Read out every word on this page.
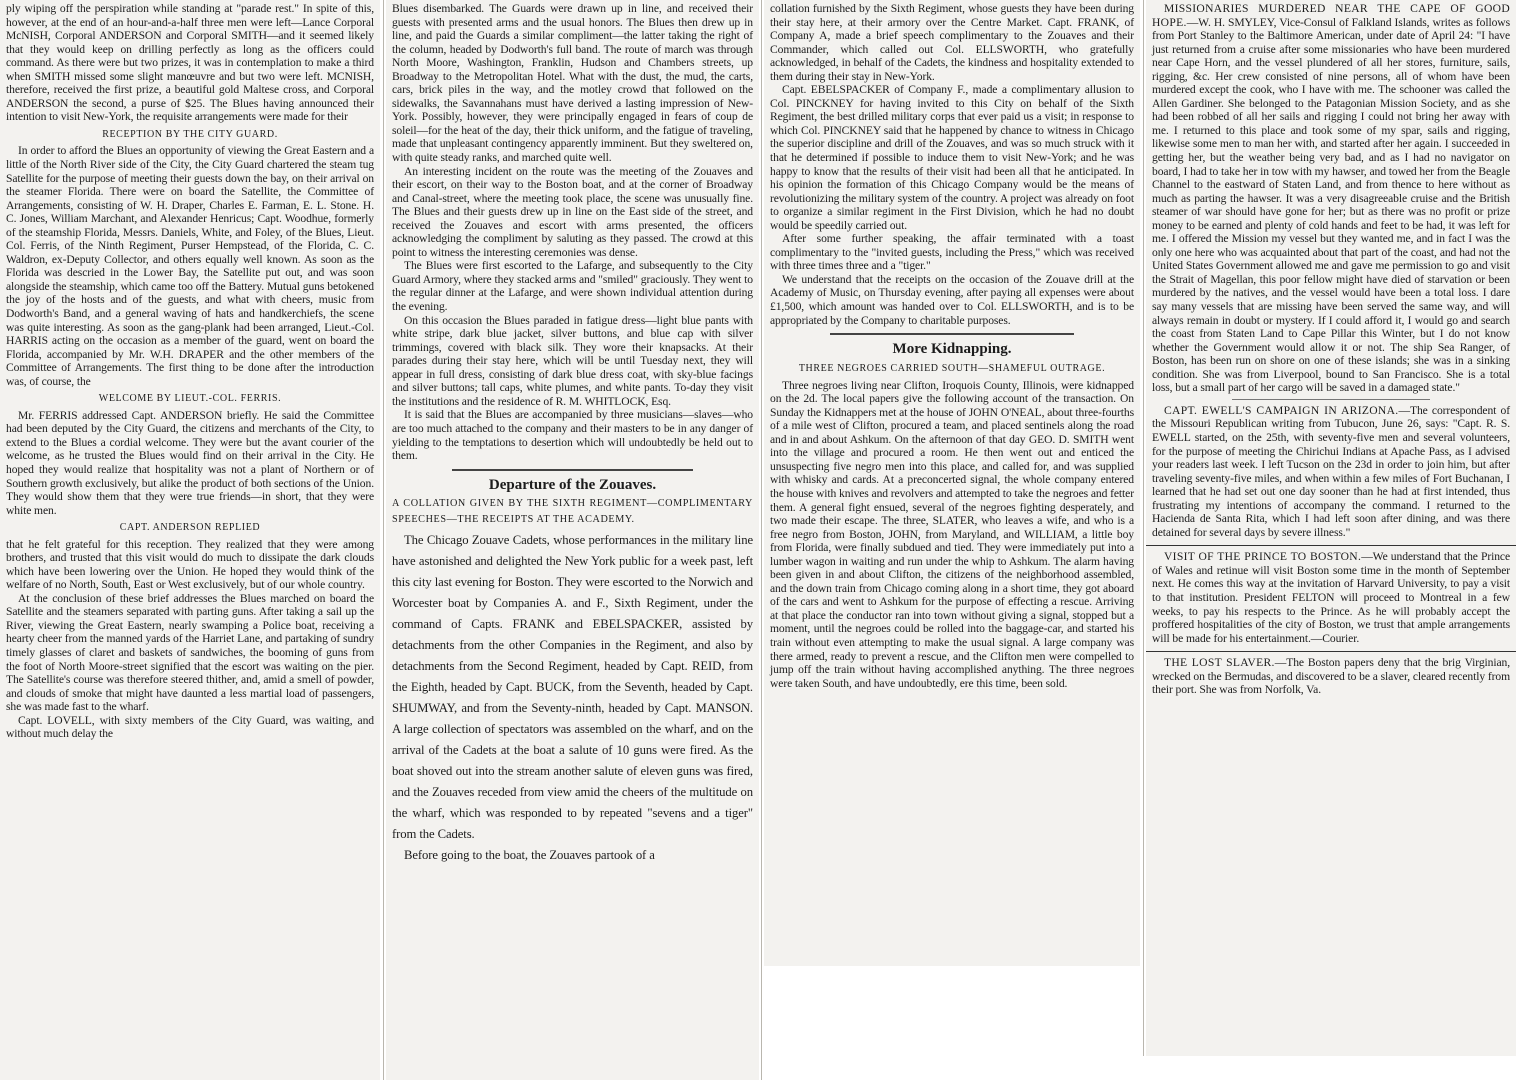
ply wiping off the perspiration while standing at "parade rest." In spite of this, however, at the end of an hour-and-a-half three men were left—Lance Corporal McNISH, Corporal ANDERSON and Corporal SMITH—and it seemed likely that they would keep on drilling perfectly as long as the officers could command. As there were but two prizes, it was in contemplation to make a third when SMITH missed some slight manœuvre and but two were left. MCNISH, therefore, received the first prize, a beautiful gold Maltese cross, and Corporal ANDERSON the second, a purse of $25. The Blues having announced their intention to visit New-York, the requisite arrangements were made for their

RECEPTION BY THE CITY GUARD.

In order to afford the Blues an opportunity of viewing the Great Eastern and a little of the North River side of the City, the City Guard chartered the steam tug Satellite for the purpose of meeting their guests down the bay, on their arrival on the steamer Florida. There were on board the Satellite, the Committee of Arrangements, consisting of W. H. Draper, Charles E. Farman, E. L. Stone. H. C. Jones, William Marchant, and Alexander Henricus; Capt. Woodhue, formerly of the steamship Florida, Messrs. Daniels, White, and Foley, of the Blues, Lieut. Col. Ferris, of the Ninth Regiment, Purser Hempstead, of the Florida, C. C. Waldron, ex-Deputy Collector, and others equally well known. As soon as the Florida was descried in the Lower Bay, the Satellite put out, and was soon alongside the steamship, which came too off the Battery. Mutual guns betokened the joy of the hosts and of the guests, and what with cheers, music from Dodworth's Band, and a general waving of hats and handkerchiefs, the scene was quite interesting. As soon as the gang-plank had been arranged, Lieut.-Col. HARRIS acting on the occasion as a member of the guard, went on board the Florida, accompanied by Mr. W.H. DRAPER and the other members of the Committee of Arrangements. The first thing to be done after the introduction was, of course, the

WELCOME BY LIEUT.-COL. FERRIS.

Mr. FERRIS addressed Capt. ANDERSON briefly. He said the Committee had been deputed by the City Guard, the citizens and merchants of the City, to extend to the Blues a cordial welcome. They were but the avant courier of the welcome, as he trusted the Blues would find on their arrival in the City. He hoped they would realize that hospitality was not a plant of Northern or of Southern growth exclusively, but alike the product of both sections of the Union. They would show them that they were true friends—in short, that they were white men.

CAPT. ANDERSON REPLIED

that he felt grateful for this reception. They realized that they were among brothers, and trusted that this visit would do much to dissipate the dark clouds which have been lowering over the Union. He hoped they would think of the welfare of no North, South, East or West exclusively, but of our whole country.

At the conclusion of these brief addresses the Blues marched on board the Satellite and the steamers separated with parting guns. After taking a sail up the River, viewing the Great Eastern, nearly swamping a Police boat, receiving a hearty cheer from the manned yards of the Harriet Lane, and partaking of sundry timely glasses of claret and baskets of sandwiches, the booming of guns from the foot of North Moore-street signified that the escort was waiting on the pier. The Satellite's course was therefore steered thither, and, amid a smell of powder, and clouds of smoke that might have daunted a less martial load of passengers, she was made fast to the wharf.

Capt. LOVELL, with sixty members of the City Guard, was waiting, and without much delay the

Blues disembarked. The Guards were drawn up in line, and received their guests with presented arms and the usual honors. The Blues then drew up in line, and paid the Guards a similar compliment—the latter taking the right of the column, headed by Dodworth's full band. The route of march was through North Moore, Washington, Franklin, Hudson and Chambers streets, up Broadway to the Metropolitan Hotel. What with the dust, the mud, the carts, cars, brick piles in the way, and the motley crowd that followed on the sidewalks, the Savannahans must have derived a lasting impression of New-York. Possibly, however, they were principally engaged in fears of coup de soleil—for the heat of the day, their thick uniform, and the fatigue of traveling, made that unpleasant contingency apparently imminent. But they sweltered on, with quite steady ranks, and marched quite well.

An interesting incident on the route was the meeting of the Zouaves and their escort, on their way to the Boston boat, and at the corner of Broadway and Canal-street, where the meeting took place, the scene was unusually fine. The Blues and their guests drew up in line on the East side of the street, and received the Zouaves and escort with arms presented, the officers acknowledging the compliment by saluting as they passed. The crowd at this point to witness the interesting ceremonies was dense.

The Blues were first escorted to the Lafarge, and subsequently to the City Guard Armory, where they stacked arms and "smiled" graciously. They went to the regular dinner at the Lafarge, and were shown individual attention during the evening.

On this occasion the Blues paraded in fatigue dress—light blue pants with white stripe, dark blue jacket, silver buttons, and blue cap with silver trimmings, covered with black silk. They wore their knapsacks. At their parades during their stay here, which will be until Tuesday next, they will appear in full dress, consisting of dark blue dress coat, with sky-blue facings and silver buttons; tall caps, white plumes, and white pants. To-day they visit the institutions and the residence of R. M. WHITLOCK, Esq.

It is said that the Blues are accompanied by three musicians—slaves—who are too much attached to the company and their masters to be in any danger of yielding to the temptations to desertion which will undoubtedly be held out to them.

Departure of the Zouaves.
A COLLATION GIVEN BY THE SIXTH REGIMENT—COMPLIMENTARY SPEECHES—THE RECEIPTS AT THE ACADEMY.

The Chicago Zouave Cadets, whose performances in the military line have astonished and delighted the New York public for a week past, left this city last evening for Boston. They were escorted to the Norwich and Worcester boat by Companies A. and F., Sixth Regiment, under the command of Capts. FRANK and EBELSPACKER, assisted by detachments from the other Companies in the Regiment, and also by detachments from the Second Regiment, headed by Capt. REID, from the Eighth, headed by Capt. BUCK, from the Seventh, headed by Capt. SHUMWAY, and from the Seventy-ninth, headed by Capt. MANSON. A large collection of spectators was assembled on the wharf, and on the arrival of the Cadets at the boat a salute of 10 guns were fired. As the boat shoved out into the stream another salute of eleven guns was fired, and the Zouaves receded from view amid the cheers of the multitude on the wharf, which was responded to by repeated "sevens and a tiger" from the Cadets.

Before going to the boat, the Zouaves partook of a

collation furnished by the Sixth Regiment, whose guests they have been during their stay here, at their armory over the Centre Market. Capt. FRANK, of Company A, made a brief speech complimentary to the Zouaves and their Commander, which called out Col. ELLSWORTH, who gratefully acknowledged, in behalf of the Cadets, the kindness and hospitality extended to them during their stay in New-York.

Capt. EBELSPACKER of Company F., made a complimentary allusion to Col. PINCKNEY for having invited to this City on behalf of the Sixth Regiment, the best drilled military corps that ever paid us a visit; in response to which Col. PINCKNEY said that he happened by chance to witness in Chicago the superior discipline and drill of the Zouaves, and was so much struck with it that he determined if possible to induce them to visit New-York; and he was happy to know that the results of their visit had been all that he anticipated. In his opinion the formation of this Chicago Company would be the means of revolutionizing the military system of the country. A project was already on foot to organize a similar regiment in the First Division, which he had no doubt would be speedily carried out.

After some further speaking, the affair terminated with a toast complimentary to the "invited guests, including the Press," which was received with three times three and a "tiger."

We understand that the receipts on the occasion of the Zouave drill at the Academy of Music, on Thursday evening, after paying all expenses were about £1,500, which amount was handed over to Col. ELLSWORTH, and is to be appropriated by the Company to charitable purposes.

More Kidnapping.
THREE NEGROES CARRIED SOUTH—SHAMEFUL OUTRAGE.

Three negroes living near Clifton, Iroquois County, Illinois, were kidnapped on the 2d. The local papers give the following account of the transaction. On Sunday the Kidnappers met at the house of JOHN O'NEAL, about three-fourths of a mile west of Clifton, procured a team, and placed sentinels along the road and in and about Ashkum. On the afternoon of that day GEO. D. SMITH went into the village and procured a room. He then went out and enticed the unsuspecting five negro men into this place, and called for, and was supplied with whisky and cards. At a preconcerted signal, the whole company entered the house with knives and revolvers and attempted to take the negroes and fetter them. A general fight ensued, several of the negroes fighting desperately, and two made their escape. The three, SLATER, who leaves a wife, and who is a free negro from Boston, JOHN, from Maryland, and WILLIAM, a little boy from Florida, were finally subdued and tied. They were immediately put into a lumber wagon in waiting and run under the whip to Ashkum. The alarm having been given in and about Clifton, the citizens of the neighborhood assembled, and the down train from Chicago coming along in a short time, they got aboard of the cars and went to Ashkum for the purpose of effecting a rescue. Arriving at that place the conductor ran into town without giving a signal, stopped but a moment, until the negroes could be rolled into the baggage-car, and started his train without even attempting to make the usual signal. A large company was there armed, ready to prevent a rescue, and the Clifton men were compelled to jump off the train without having accomplished anything. The three negroes were taken South, and have undoubtedly, ere this time, been sold.

MISSIONARIES MURDERED NEAR THE CAPE OF GOOD HOPE.—W. H. SMYLEY, Vice-Consul of Falkland Islands, writes as follows from Port Stanley to the Baltimore American, under date of April 24: "I have just returned from a cruise after some missionaries who have been murdered near Cape Horn, and the vessel plundered of all her stores, furniture, sails, rigging, &c. Her crew consisted of nine persons, all of whom have been murdered except the cook, who I have with me. The schooner was called the Allen Gardiner. She belonged to the Patagonian Mission Society, and as she had been robbed of all her sails and rigging I could not bring her away with me. I returned to this place and took some of my spar, sails and rigging, likewise some men to man her with, and started after her again. I succeeded in getting her, but the weather being very bad, and as I had no navigator on board, I had to take her in tow with my hawser, and towed her from the Beagle Channel to the eastward of Staten Land, and from thence to here without as much as parting the hawser. It was a very disagreeable cruise and the British steamer of war should have gone for her; but as there was no profit or prize money to be earned and plenty of cold hands and feet to be had, it was left for me. I offered the Mission my vessel but they wanted me, and in fact I was the only one here who was acquainted about that part of the coast, and had not the United States Government allowed me and gave me permission to go and visit the Strait of Magellan, this poor fellow might have died of starvation or been murdered by the natives, and the vessel would have been a total loss. I dare say many vessels that are missing have been served the same way, and will always remain in doubt or mystery. If I could afford it, I would go and search the coast from Staten Land to Cape Pillar this Winter, but I do not know whether the Government would allow it or not. The ship Sea Ranger, of Boston, has been run on shore on one of these islands; she was in a sinking condition. She was from Liverpool, bound to San Francisco. She is a total loss, but a small part of her cargo will be saved in a damaged state."

CAPT. EWELL'S CAMPAIGN IN ARIZONA.—The correspondent of the Missouri Republican writing from Tubucon, June 26, says: "Capt. R. S. EWELL started, on the 25th, with seventy-five men and several volunteers, for the purpose of meeting the Chirichui Indians at Apache Pass, as I advised your readers last week. I left Tucson on the 23d in order to join him, but after traveling seventy-five miles, and when within a few miles of Fort Buchanan, I learned that he had set out one day sooner than he had at first intended, thus frustrating my intentions of accompany the command. I returned to the Hacienda de Santa Rita, which I had left soon after dining, and was there detained for several days by severe illness."

VISIT OF THE PRINCE TO BOSTON.—We understand that the Prince of Wales and retinue will visit Boston some time in the month of September next. He comes this way at the invitation of Harvard University, to pay a visit to that institution. President FELTON will proceed to Montreal in a few weeks, to pay his respects to the Prince. As he will probably accept the proffered hospitalities of the city of Boston, we trust that ample arrangements will be made for his entertainment.—Courier.

THE LOST SLAVER.—The Boston papers deny that the brig Virginian, wrecked on the Bermudas, and discovered to be a slaver, cleared recently from their port. She was from Norfolk, Va.
